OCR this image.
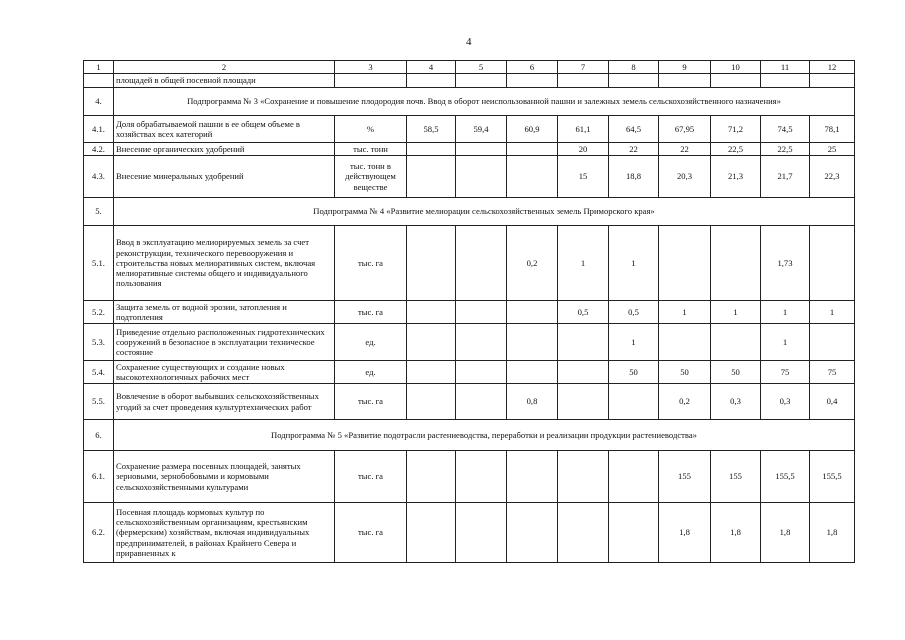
4
1	2	3	4	5	6	7	8	9	10	11	12
	площадей в общей посевной площади										
4.	Подпрограмма № 3 «Сохранение и повышение плодородия почв. Ввод в оборот неиспользованной пашни и залежных земель сельскохозяйственного назначения»										
4.1.	Доля обрабатываемой пашни в ее общем объеме в хозяйствах всех категорий	%	58,5	59,4	60,9	61,1	64,5	67,95	71,2	74,5	78,1
4.2.	Внесение органических удобрений	тыс. тонн				20	22	22	22,5	22,5	25
4.3.	Внесение минеральных удобрений	тыс. тонн в действующем веществе				15	18,8	20,3	21,3	21,7	22,3
5.	Подпрограмма № 4 «Развитие мелиорации сельскохозяйственных земель Приморского края»										
5.1.	Ввод в эксплуатацию мелиорируемых земель за счет реконструкции, технического перевооружения и строительства новых мелиоративных систем, включая мелиоративные системы общего и индивидуального пользования	тыс. га			0,2	1	1			1,73	
5.2.	Защита земель от водной эрозии, затопления и подтопления	тыс. га				0,5	0,5	1	1	1	1
5.3.	Приведение отдельно расположенных гидротехнических сооружений в безопасное в эксплуатации техническое состояние	ед.					1			1	
5.4.	Сохранение существующих и создание новых высокотехнологичных рабочих мест	ед.					50	50	50	75	75
5.5.	Вовлечение в оборот выбывших сельскохозяйственных угодий за счет проведения культуртехнических работ	тыс. га			0,8			0,2	0,3	0,3	0,4
6.	Подпрограмма № 5 «Развитие подотрасли растениеводства, переработки и реализации продукции растениеводства»										
6.1.	Сохранение размера посевных площадей, занятых зерновыми, зернобобовыми и кормовыми сельскохозяйственными культурами	тыс. га						155	155	155,5	155,5
6.2.	Посевная площадь кормовых культур по сельскохозяйственным организациям, крестьянским (фермерским) хозяйствам, включая индивидуальных предпринимателей, в районах Крайнего Севера и приравненных к	тыс. га						1,8	1,8	1,8	1,8
